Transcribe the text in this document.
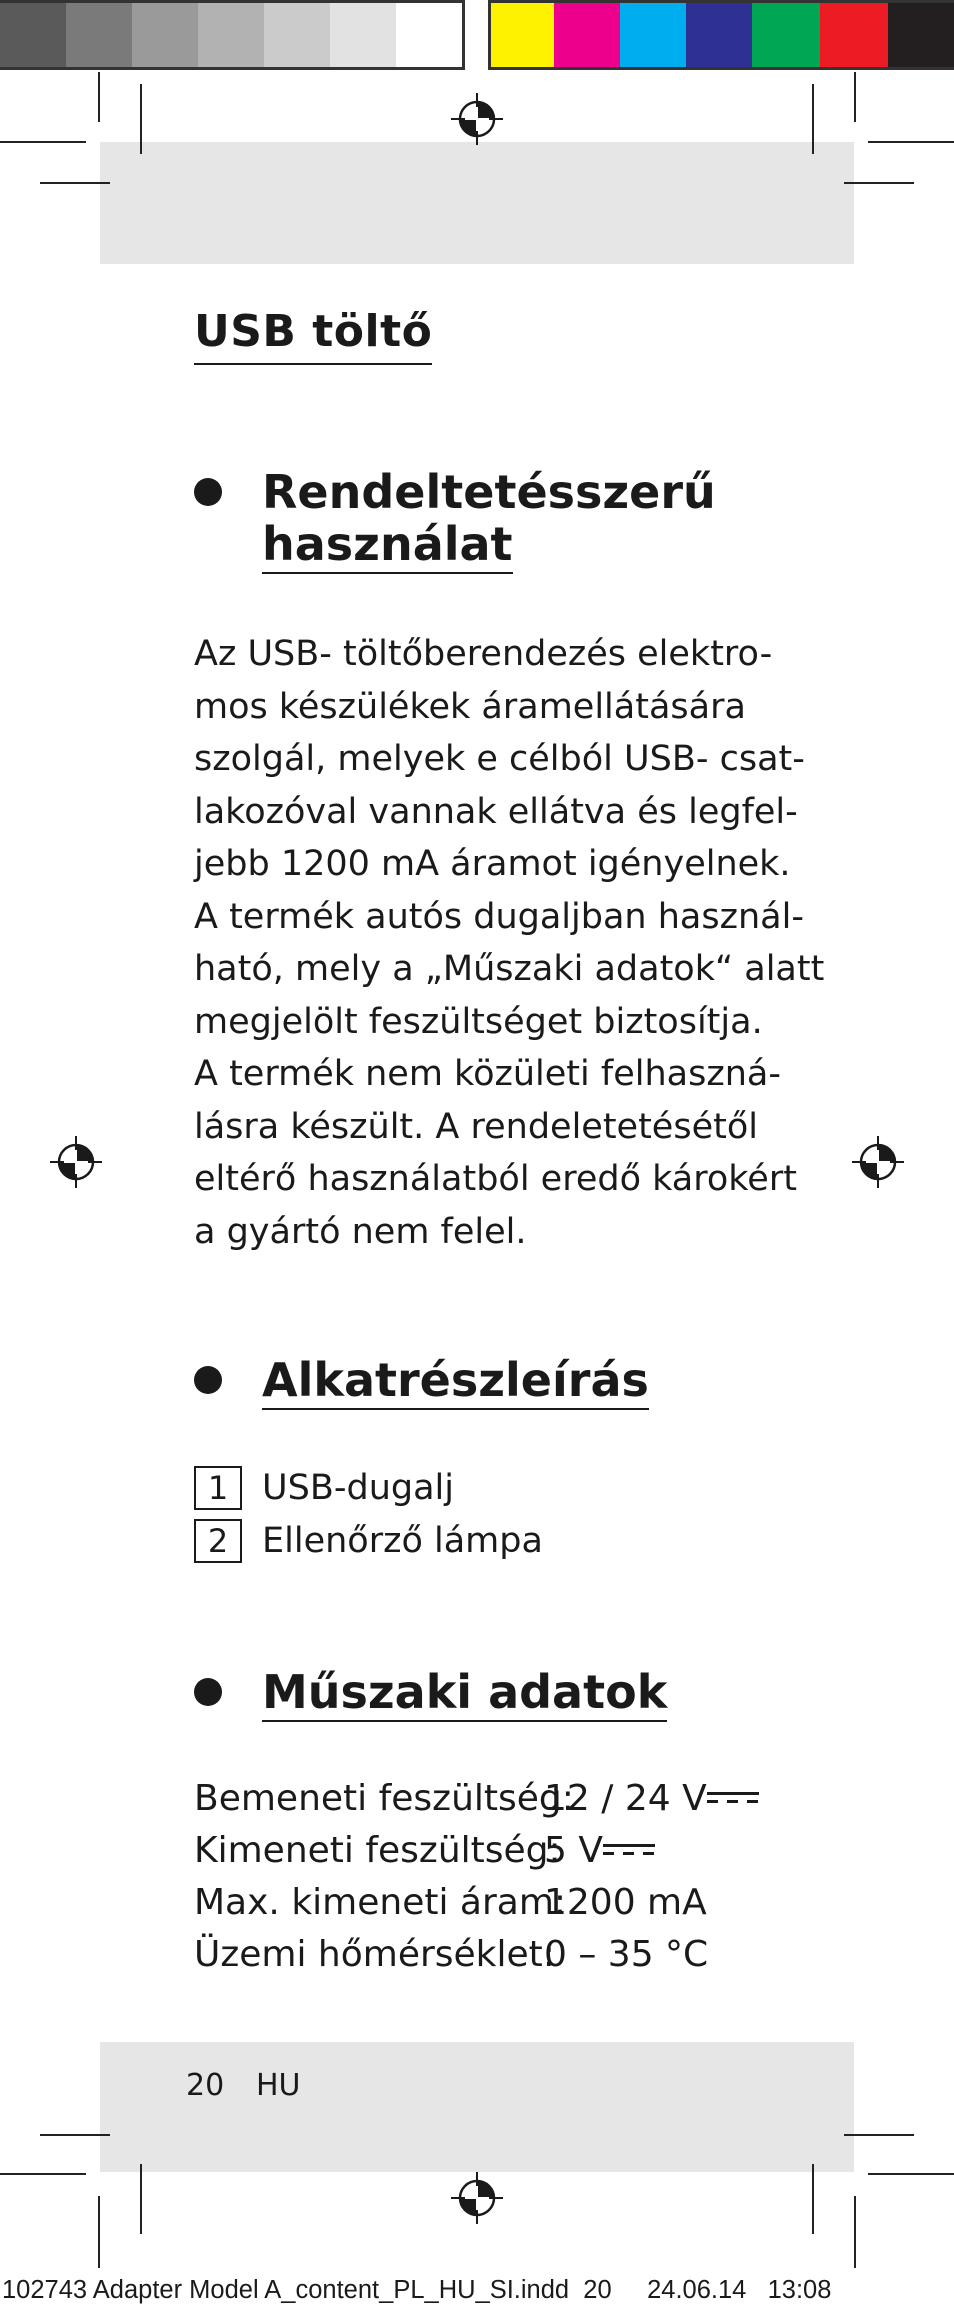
USB töltő
Rendeltetésszerű
használat
Az USB- töltőberendezés elektro-
mos készülékek áramellátására
szolgál, melyek e célból USB- csat-
lakozóval vannak ellátva és legfel-
jebb 1200 mA áramot igényelnek.
A termék autós dugaljban használ-
ható, mely a „Műszaki adatok“ alatt
megjelölt feszültséget biztosítja.
A termék nem közületi felhaszná-
lásra készült. A rendeletetésétől
eltérő használatból eredő károkért
a gyártó nem felel.
Alkatrészleírás
1 USB-dugalj
2 Ellenőrző lámpa
Műszaki adatok
Bemeneti feszültség:
12 / 24 V
Kimeneti feszültség:
5 V
Max. kimeneti áram:
1200 mA
Üzemi hőmérséklet:
0 – 35 °C
20 HU
102743 Adapter Model A_content_PL_HU_SI.indd 20 24.06.14 13:08
